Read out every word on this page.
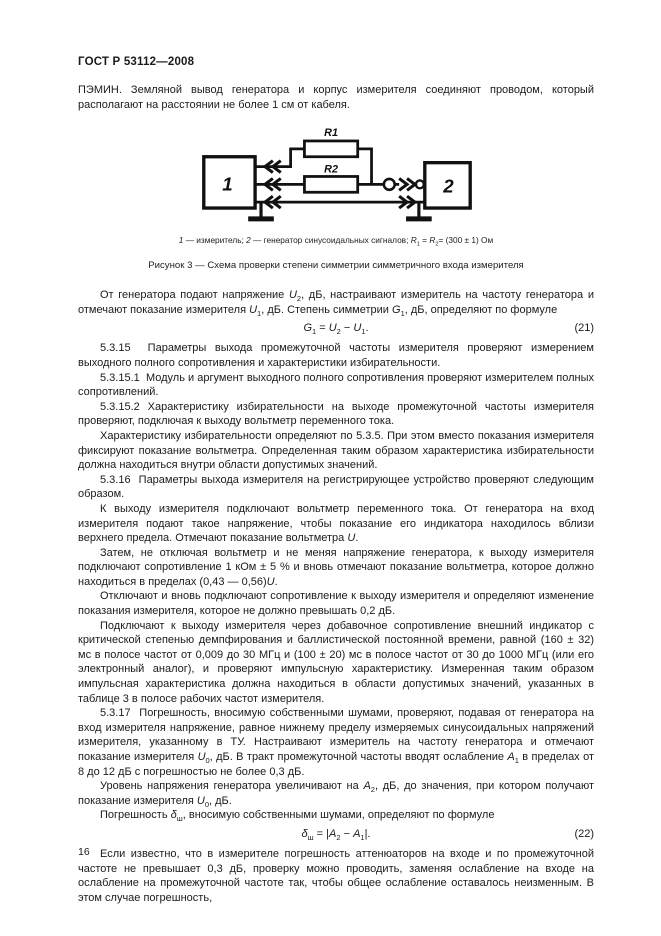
ГОСТ Р 53112—2008
ПЭМИН. Земляной вывод генератора и корпус измерителя соединяют проводом, который располагают на расстоянии не более 1 см от кабеля.
1	2
R1
R2
1 — измеритель; 2 — генератор синусоидальных сигналов; $R_1 = R_2= (300 \pm 1)$ Ом
Рисунок 3 — Схема проверки степени симметрии симметричного входа измерителя
От генератора подают напряжение $U_2$, дБ, настраивают измеритель на частоту генератора и отмечают показание измерителя $U_1$, дБ. Степень симметрии $G_1$, дБ, определяют по формуле
$G_1 = U_2 - U_1$.	(21)
5.3.15  Параметры выхода промежуточной частоты измерителя проверяют измерением выходного полного сопротивления и характеристики избирательности.
5.3.15.1  Модуль и аргумент выходного полного сопротивления проверяют измерителем полных сопротивлений.
5.3.15.2 Характеристику избирательности на выходе промежуточной частоты измерителя проверяют, подключая к выходу вольтметр переменного тока.
Характеристику избирательности определяют по 5.3.5. При этом вместо показания измерителя фиксируют показание вольтметра. Определенная таким образом характеристика избирательности должна находиться внутри области допустимых значений.
5.3.16  Параметры выхода измерителя на регистрирующее устройство проверяют следующим образом.
К выходу измерителя подключают вольтметр переменного тока. От генератора на вход измерителя подают такое напряжение, чтобы показание его индикатора находилось вблизи верхнего предела. Отмечают показание вольтметра U.
Затем, не отключая вольтметр и не меняя напряжение генератора, к выходу измерителя подключают сопротивление 1 кОм ± 5 % и вновь отмечают показание вольтметра, которое должно находиться в пределах (0,43 — 0,56)U.
Отключают и вновь подключают сопротивление к выходу измерителя и определяют изменение показания измерителя, которое не должно превышать 0,2 дБ.
Подключают к выходу измерителя через добавочное сопротивление внешний индикатор с критической степенью демпфирования и баллистической постоянной времени, равной (160 ± 32) мс в полосе частот от 0,009 до 30 МГц и (100 ± 20) мс в полосе частот от 30 до 1000 МГц (или его электронный аналог), и проверяют импульсную характеристику. Измеренная таким образом импульсная характеристика должна находиться в области допустимых значений, указанных в таблице 3 в полосе рабочих частот измерителя.
5.3.17  Погрешность, вносимую собственными шумами, проверяют, подавая от генератора на вход измерителя напряжение, равное нижнему пределу измеряемых синусоидальных напряжений измерителя, указанному в ТУ. Настраивают измеритель на частоту генератора и отмечают показание измерителя $U_0$, дБ. В тракт промежуточной частоты вводят ослабление $A_1$ в пределах от 8 до 12 дБ с погрешностью не более 0,3 дБ.
Уровень напряжения генератора увеличивают на $A_2$, дБ, до значения, при котором получают показание измерителя $U_0$, дБ.
Погрешность $\delta_ш$, вносимую собственными шумами, определяют по формуле
$\delta_ш = |A_2 - A_1|$.	(22)
Если известно, что в измерителе погрешность аттенюаторов на входе и по промежуточной частоте не превышает 0,3 дБ, проверку можно проводить, заменяя ослабление на входе на ослабление на промежуточной частоте так, чтобы общее ослабление оставалось неизменным. В этом случае погрешность,
16
